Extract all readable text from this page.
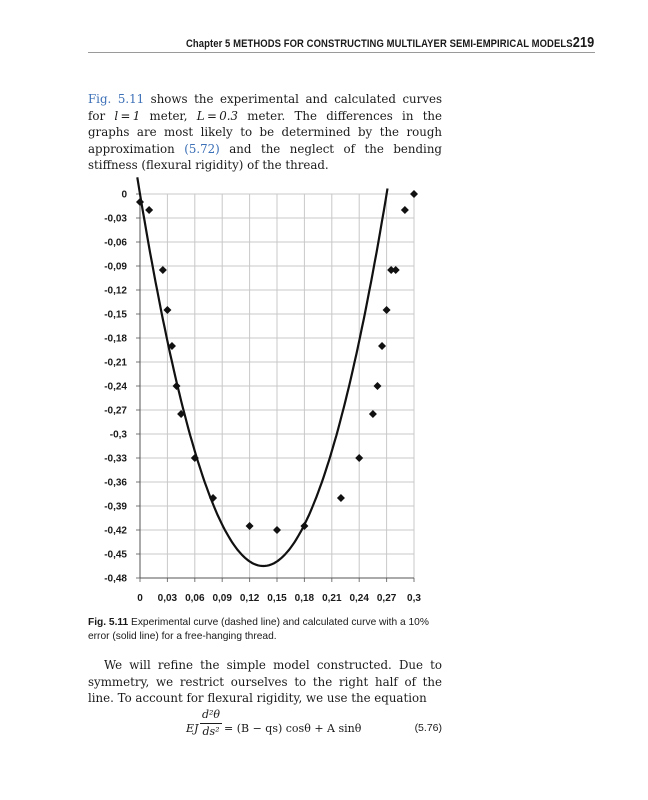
Chapter 5 METHODS FOR CONSTRUCTING MULTILAYER SEMI-EMPIRICAL MODELS 219
Fig. 5.11 shows the experimental and calculated curves for l = 1 meter, L = 0.3 meter. The differences in the graphs are most likely to be determined by the rough approximation (5.72) and the neglect of the bending stiffness (flexural rigidity) of the thread.
0
-0,03
-0,06
-0,09
-0,12
-0,15
-0,18
-0,21
-0,24
-0,27
-0,3
-0,33
-0,36
-0,39
-0,42
-0,45
-0,48
0 0,03 0,06 0,09 0,12 0,15 0,18 0,21 0,24 0,27 0,3
Fig. 5.11 Experimental curve (dashed line) and calculated curve with a 10% error (solid line) for a free-hanging thread.
We will refine the simple model constructed. Due to symmetry, we restrict ourselves to the right half of the line. To account for flexural rigidity, we use the equation
EJ
d²θ
ds² = (B − qs) cosθ + A sinθ	(5.76)
